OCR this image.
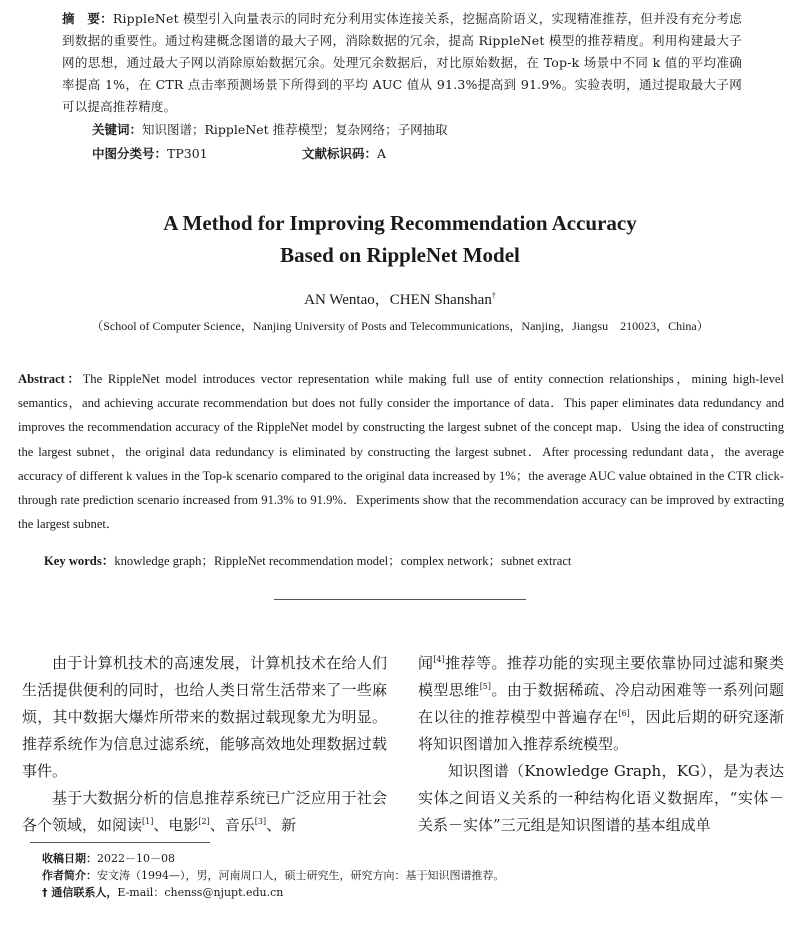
摘　要：RippleNet 模型引入向量表示的同时充分利用实体连接关系，挖掘高阶语义，实现精准推荐，但并没有充分考虑到数据的重要性。通过构建概念图谱的最大子网，消除数据的冗余，提高 RippleNet 模型的推荐精度。利用构建最大子网的思想，通过最大子网以消除原始数据冗余。处理冗余数据后，对比原始数据，在 Top-k 场景中不同 k 值的平均准确率提高 1%，在 CTR 点击率预测场景下所得到的平均 AUC 值从 91.3%提高到 91.9%。实验表明，通过提取最大子网可以提高推荐精度。
关键词：知识图谱；RippleNet 推荐模型；复杂网络；子网抽取
中图分类号：TP301	文献标识码：A
A Method for Improving Recommendation Accuracy
Based on RippleNet Model
AN Wentao，CHEN Shanshan†
（School of Computer Science，Nanjing University of Posts and Telecommunications，Nanjing，Jiangsu　210023，China）
Abstract：The RippleNet model introduces vector representation while making full use of entity connection relationships，mining high-level semantics，and achieving accurate recommendation but does not fully consider the importance of data．This paper eliminates data redundancy and improves the recommendation accuracy of the RippleNet model by constructing the largest subnet of the concept map．Using the idea of constructing the largest subnet，the original data redundancy is eliminated by constructing the largest subnet．After processing redundant data，the average accuracy of different k values in the Top-k scenario compared to the original data increased by 1%；the average AUC value obtained in the CTR click-through rate prediction scenario increased from 91.3% to 91.9%．Experiments show that the recommendation accuracy can be improved by extracting the largest subnet．
Key words：knowledge graph；RippleNet recommendation model；complex network；subnet extract

由于计算机技术的高速发展，计算机技术在给人们生活提供便利的同时，也给人类日常生活带来了一些麻烦，其中数据大爆炸所带来的数据过载现象尤为明显。推荐系统作为信息过滤系统，能够高效地处理数据过载事件。

基于大数据分析的信息推荐系统已广泛应用于社会各个领域，如阅读[1]、电影[2]、音乐[3]、新

闻[4]推荐等。推荐功能的实现主要依靠协同过滤和聚类模型思维[5]。由于数据稀疏、冷启动困难等一系列问题在以往的推荐模型中普遍存在[6]，因此后期的研究逐渐将知识图谱加入推荐系统模型。

知识图谱（Knowledge Graph，KG），是为表达实体之间语义关系的一种结构化语义数据库，“实体－关系－实体”三元组是知识图谱的基本组成单

收稿日期：2022－10－08
作者简介：安文涛（1994—），男，河南周口人，硕士研究生，研究方向：基于知识图谱推荐。
† 通信联系人，E-mail：chenss@njupt.edu.cn
